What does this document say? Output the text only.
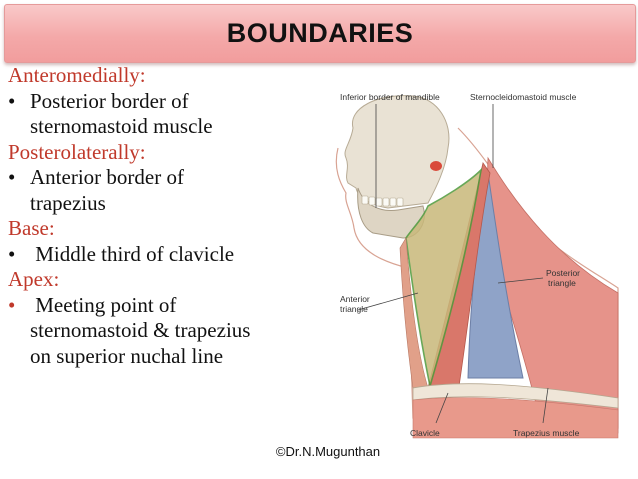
BOUNDARIES
Anteromedially:
• Posterior border of
sternomastoid muscle
Posterolaterally:
• Anterior border of
trapezius
Base:
• Middle third of clavicle
Apex:
• Meeting point of
sternomastoid & trapezius
on superior nuchal line
Inferior border of mandible	Sternocleidomastoid muscle
Posterior
triangle
Anterior
triangle
Clavicle	Trapezius muscle
©Dr.N.Mugunthan
